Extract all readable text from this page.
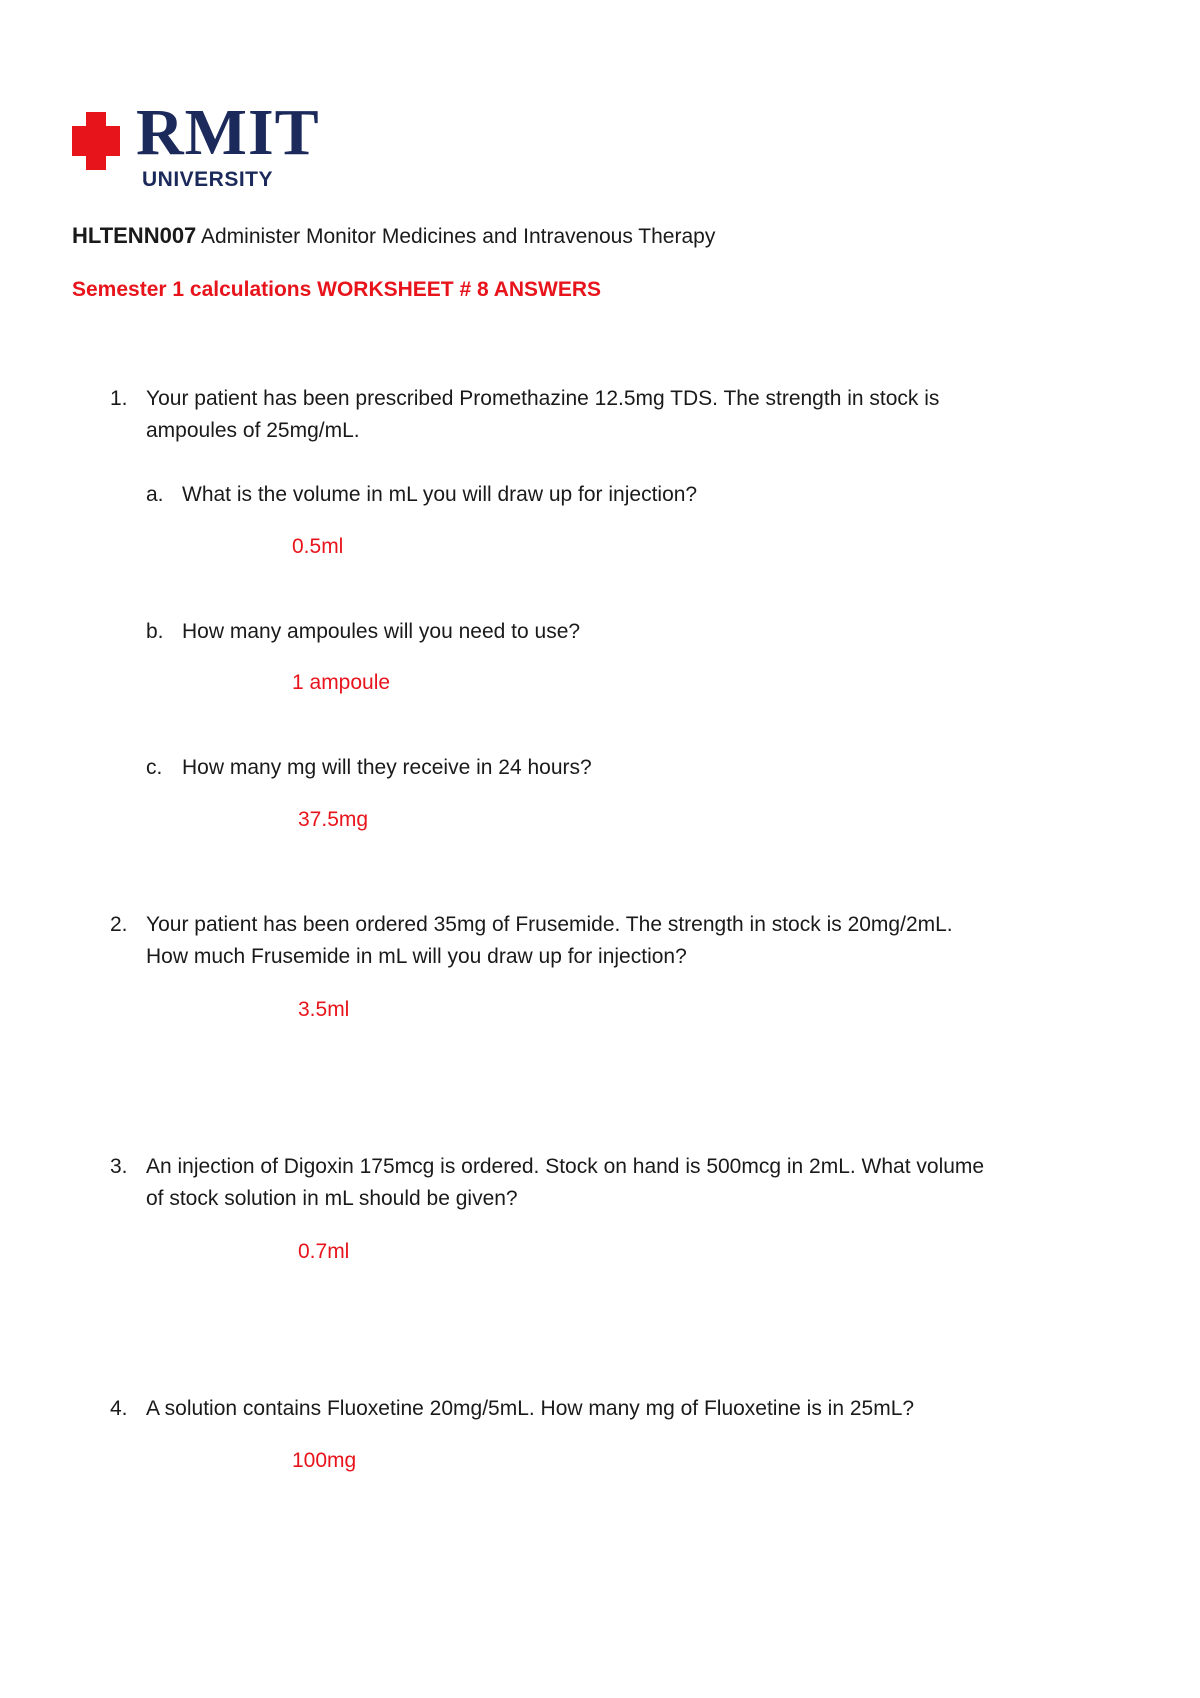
RMIT
UNIVERSITY
HLTENN007 Administer Monitor Medicines and Intravenous Therapy
Semester 1 calculations WORKSHEET # 8 ANSWERS
1. Your patient has been prescribed Promethazine 12.5mg TDS. The strength in stock is
ampoules of 25mg/mL.
a. What is the volume in mL you will draw up for injection?
0.5ml
b. How many ampoules will you need to use?
1 ampoule
c. How many mg will they receive in 24 hours?
37.5mg
2. Your patient has been ordered 35mg of Frusemide. The strength in stock is 20mg/2mL.
How much Frusemide in mL will you draw up for injection?
3.5ml
3. An injection of Digoxin 175mcg is ordered. Stock on hand is 500mcg in 2mL. What volume
of stock solution in mL should be given?
0.7ml
4. A solution contains Fluoxetine 20mg/5mL. How many mg of Fluoxetine is in 25mL?
100mg
